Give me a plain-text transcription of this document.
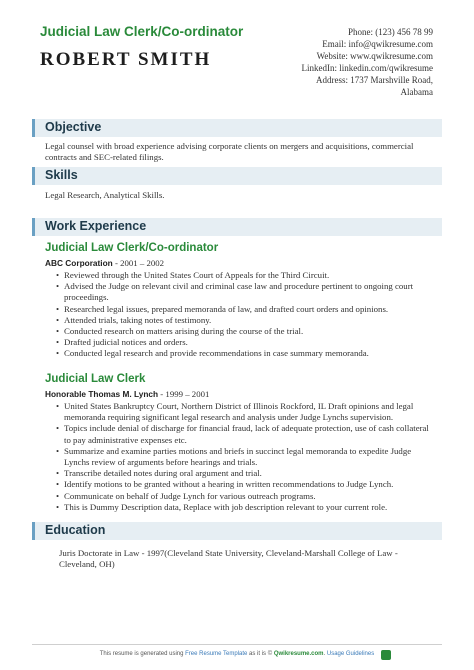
Judicial Law Clerk/Co-ordinator
ROBERT SMITH
Phone: (123) 456 78 99
Email: info@qwikresume.com
Website: www.qwikresume.com
LinkedIn: linkedin.com/qwikresume
Address: 1737 Marshville Road,
Alabama
Objective
Legal counsel with broad experience advising corporate clients on mergers and acquisitions, commercial contracts and SEC-related filings.
Skills
Legal Research, Analytical Skills.
Work Experience
Judicial Law Clerk/Co-ordinator
ABC Corporation - 2001 – 2002
• Reviewed through the United States Court of Appeals for the Third Circuit.
• Advised the Judge on relevant civil and criminal case law and procedure pertinent to ongoing court proceedings.
• Researched legal issues, prepared memoranda of law, and drafted court orders and opinions.
• Attended trials, taking notes of testimony.
• Conducted research on matters arising during the course of the trial.
• Drafted judicial notices and orders.
• Conducted legal research and provide recommendations in case summary memoranda.
Judicial Law Clerk
Honorable Thomas M. Lynch - 1999 – 2001
• United States Bankruptcy Court, Northern District of Illinois Rockford, IL Draft opinions and legal memoranda requiring significant legal research and analysis under Judge Lynchs supervision.
• Topics include denial of discharge for financial fraud, lack of adequate protection, use of cash collateral to pay administrative expenses etc.
• Summarize and examine parties motions and briefs in succinct legal memoranda to expedite Judge Lynchs review of arguments before hearings and trials.
• Transcribe detailed notes during oral argument and trial.
• Identify motions to be granted without a hearing in written recommendations to Judge Lynch.
• Communicate on behalf of Judge Lynch for various outreach programs.
• This is Dummy Description data, Replace with job description relevant to your current role.
Education
Juris Doctorate in Law - 1997(Cleveland State University, Cleveland-Marshall College of Law - Cleveland, OH)
This resume is generated using Free Resume Template as it is © Qwikresume.com. Usage Guidelines
